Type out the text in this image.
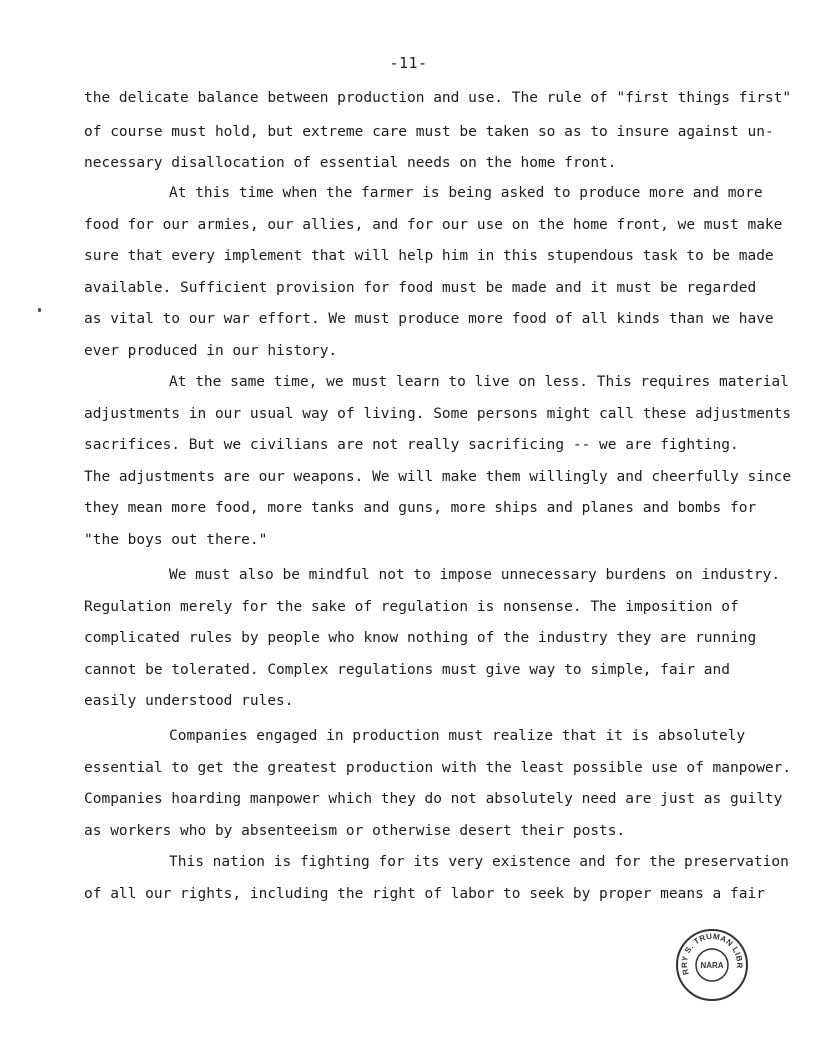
-11-
the delicate balance between production and use. The rule of "first things first"
of course must hold, but extreme care must be taken so as to insure against un-
necessary disallocation of essential needs on the home front.
At this time when the farmer is being asked to produce more and more
food for our armies, our allies, and for our use on the home front, we must make
sure that every implement that will help him in this stupendous task to be made
available. Sufficient provision for food must be made and it must be regarded
as vital to our war effort. We must produce more food of all kinds than we have
ever produced in our history.
At the same time, we must learn to live on less. This requires material
adjustments in our usual way of living. Some persons might call these adjustments
sacrifices. But we civilians are not really sacrificing -- we are fighting.
The adjustments are our weapons. We will make them willingly and cheerfully since
they mean more food, more tanks and guns, more ships and planes and bombs for
"the boys out there."
We must also be mindful not to impose unnecessary burdens on industry.
Regulation merely for the sake of regulation is nonsense. The imposition of
complicated rules by people who know nothing of the industry they are running
cannot be tolerated. Complex regulations must give way to simple, fair and
easily understood rules.
Companies engaged in production must realize that it is absolutely
essential to get the greatest production with the least possible use of manpower.
Companies hoarding manpower which they do not absolutely need are just as guilty
as workers who by absenteeism or otherwise desert their posts.
This nation is fighting for its very existence and for the preservation
of all our rights, including the right of labor to seek by proper means a fair
RRY S. TRUMAN LIBR
NARA
